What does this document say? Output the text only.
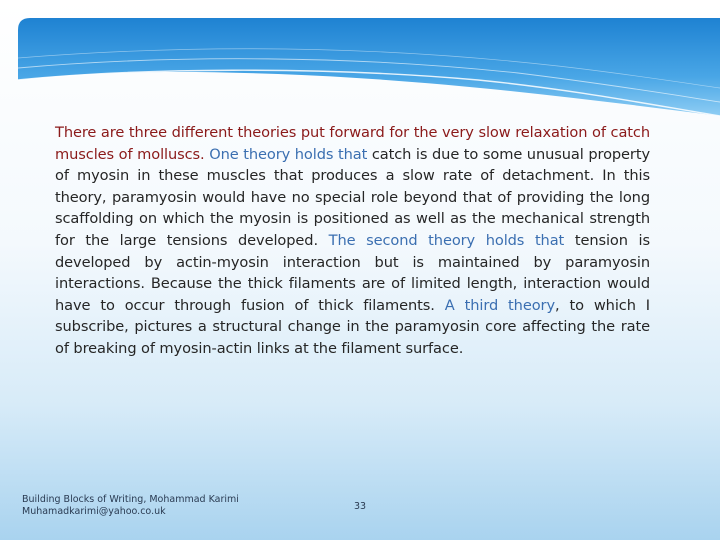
There are three different theories put forward for the very slow relaxation of catch muscles of molluscs. One theory holds that catch is due to some unusual property of myosin in these muscles that produces a slow rate of detachment. In this theory, paramyosin would have no special role beyond that of providing the long scaffolding on which the myosin is positioned as well as the mechanical strength for the large tensions developed. The second theory holds that tension is developed by actin-myosin interaction but is maintained by paramyosin interactions. Because the thick filaments are of limited length, interaction would have to occur through fusion of thick filaments. A third theory, to which I subscribe, pictures a structural change in the paramyosin core affecting the rate of breaking of myosin-actin links at the filament surface.
Building Blocks of Writing, Mohammad Karimi
Muhamadkarimi@yahoo.co.uk	33
